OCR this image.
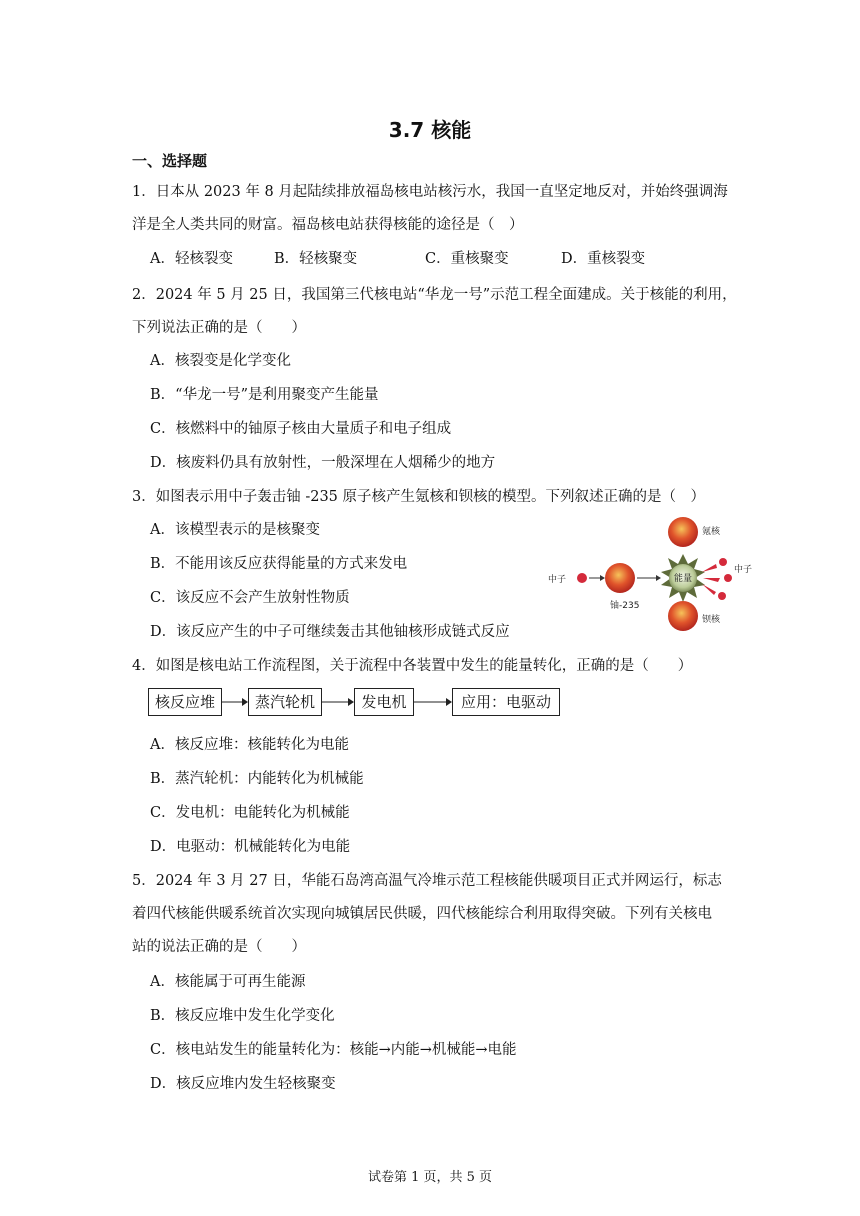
3.7 核能
一、选择题
1．日本从 2023 年 8 月起陆续排放福岛核电站核污水，我国一直坚定地反对，并始终强调海
洋是全人类共同的财富。福岛核电站获得核能的途径是（　）
A．轻核裂变	B．轻核聚变	C．重核聚变	D．重核裂变
2．2024 年 5 月 25 日，我国第三代核电站“华龙一号”示范工程全面建成。关于核能的利用，
下列说法正确的是（　　）
A．核裂变是化学变化
B．“华龙一号”是利用聚变产生能量
C．核燃料中的铀原子核由大量质子和电子组成
D．核废料仍具有放射性，一般深埋在人烟稀少的地方
3．如图表示用中子轰击铀 -235 原子核产生氪核和钡核的模型。下列叙述正确的是（　）
A．该模型表示的是核聚变
B．不能用该反应获得能量的方式来发电
C．该反应不会产生放射性物质
D．该反应产生的中子可继续轰击其他铀核形成链式反应
中子
铀-235
能量
氪核
钡核
中子
4．如图是核电站工作流程图，关于流程中各装置中发生的能量转化，正确的是（　　）
核反应堆	蒸汽轮机	发电机	应用：电驱动
A．核反应堆：核能转化为电能
B．蒸汽轮机：内能转化为机械能
C．发电机：电能转化为机械能
D．电驱动：机械能转化为电能
5．2024 年 3 月 27 日，华能石岛湾高温气冷堆示范工程核能供暖项目正式并网运行，标志
着四代核能供暖系统首次实现向城镇居民供暖，四代核能综合利用取得突破。下列有关核电
站的说法正确的是（　　）
A．核能属于可再生能源
B．核反应堆中发生化学变化
C．核电站发生的能量转化为：核能→内能→机械能→电能
D．核反应堆内发生轻核聚变
试卷第 1 页，共 5 页
